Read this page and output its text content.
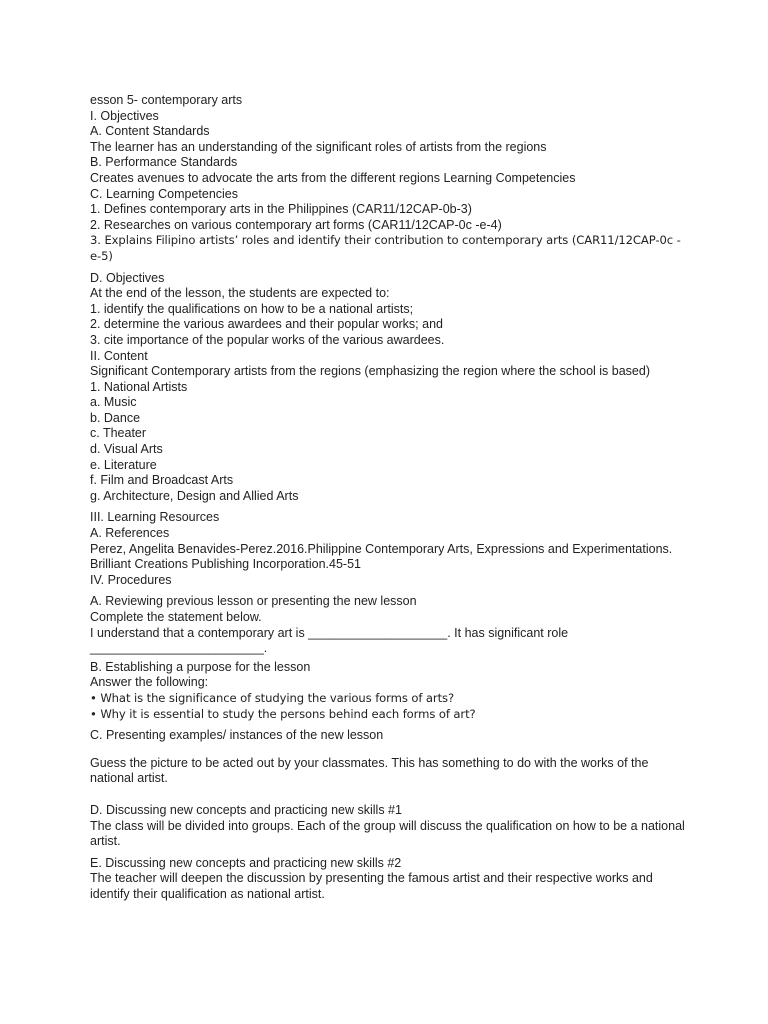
esson 5- contemporary arts
I. Objectives
A. Content Standards
The learner has an understanding of the significant roles of artists from the regions
B. Performance Standards
Creates avenues to advocate the arts from the different regions Learning Competencies
C. Learning Competencies
1. Defines contemporary arts in the Philippines (CAR11/12CAP-0b-3)
2. Researches on various contemporary art forms (CAR11/12CAP-0c -e-4)
3. Explains Filipino artists’ roles and identify their contribution to contemporary arts (CAR11/12CAP-0c -e-5)
D. Objectives
At the end of the lesson, the students are expected to:
1. identify the qualifications on how to be a national artists;
2. determine the various awardees and their popular works; and
3. cite importance of the popular works of the various awardees.
II. Content
Significant Contemporary artists from the regions (emphasizing the region where the school is based)
1. National Artists
a. Music
b. Dance
c. Theater
d. Visual Arts
e. Literature
f. Film and Broadcast Arts
g. Architecture, Design and Allied Arts
III. Learning Resources
A. References
Perez, Angelita Benavides-Perez.2016.Philippine Contemporary Arts, Expressions and Experimentations. Brilliant Creations Publishing Incorporation.45-51
IV. Procedures
A. Reviewing previous lesson or presenting the new lesson
Complete the statement below.
I understand that a contemporary art is ____________________. It has significant role _________________________.
B. Establishing a purpose for the lesson
Answer the following:
• What is the significance of studying the various forms of arts?
• Why it is essential to study the persons behind each forms of art?
C. Presenting examples/ instances of the new lesson
Guess the picture to be acted out by your classmates. This has something to do with the works of the national artist.
D. Discussing new concepts and practicing new skills #1
The class will be divided into groups. Each of the group will discuss the qualification on how to be a national artist.
E. Discussing new concepts and practicing new skills #2
The teacher will deepen the discussion by presenting the famous artist and their respective works and identify their qualification as national artist.
